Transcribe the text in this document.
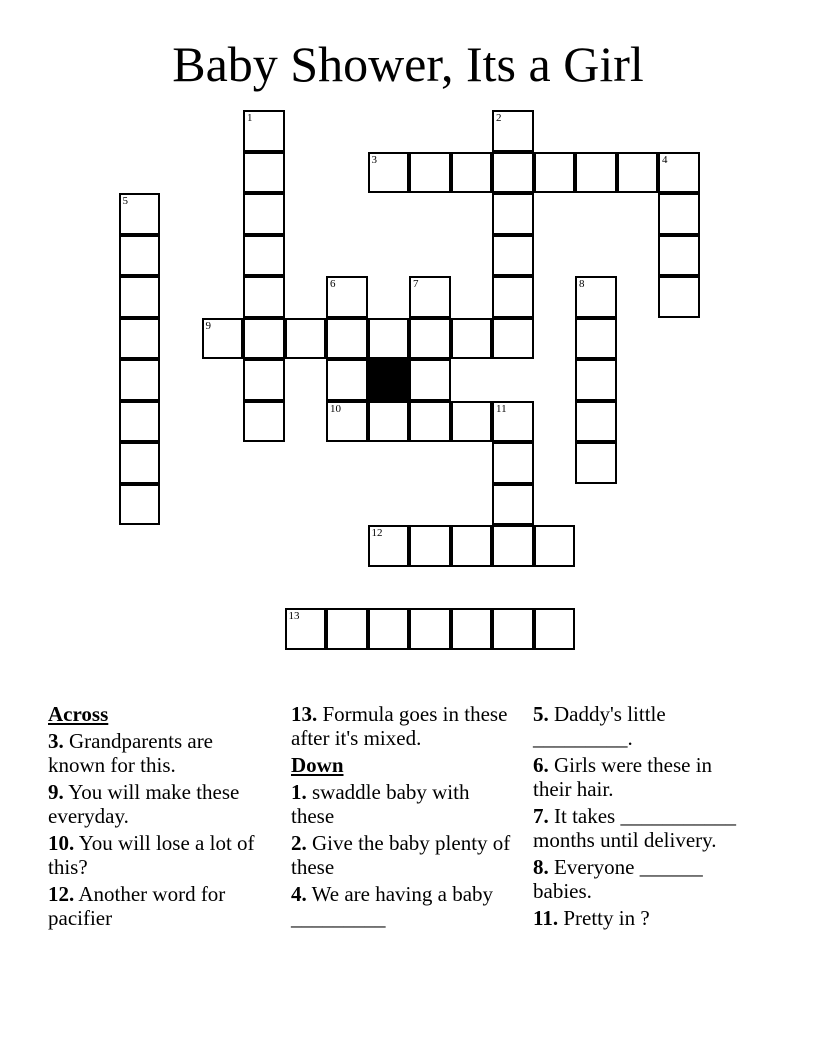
Baby Shower, Its a Girl
1	2
3	4
5
6	7	8
9
10	11
12
13
Across
3. Grandparents are known for this.
9. You will make these everyday.
10. You will lose a lot of this?
12. Another word for pacifier
13. Formula goes in these after it's mixed.
Down
1. swaddle baby with these
2. Give the baby plenty of these
4. We are having a baby _________
5. Daddy's little _________.
6. Girls were these in their hair.
7. It takes ___________ months until delivery.
8. Everyone ______ babies.
11. Pretty in ?
